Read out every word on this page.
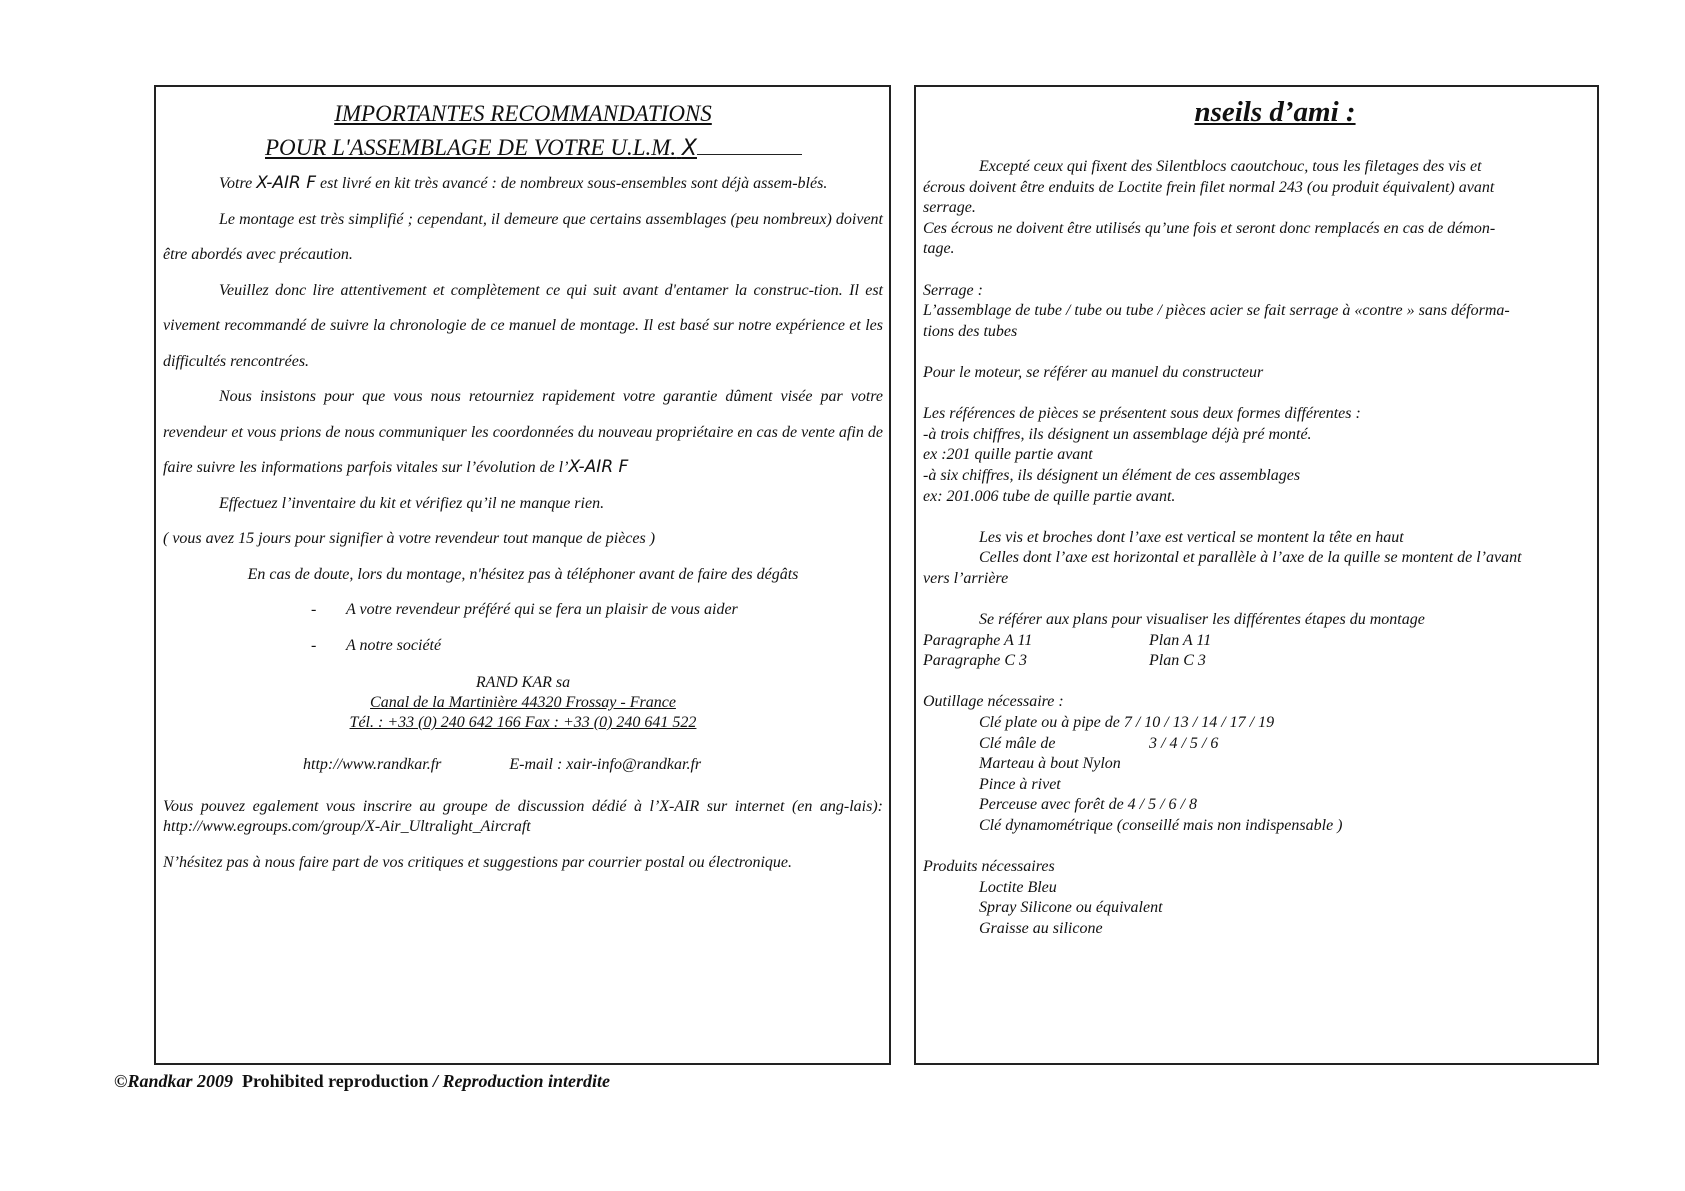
IMPORTANTES RECOMMANDATIONS
POUR L'ASSEMBLAGE DE VOTRE U.L.M. X

Votre X-AIR F est livré en kit très avancé : de nombreux sous-ensembles sont déjà assem-blés.

Le montage est très simplifié ; cependant, il demeure que certains assemblages (peu nombreux) doivent être abordés avec précaution.

Veuillez donc lire attentivement et complètement ce qui suit avant d'entamer la construc-tion. Il est vivement recommandé de suivre la chronologie de ce manuel de montage. Il est basé sur notre expérience et les difficultés rencontrées.

Nous insistons pour que vous nous retourniez rapidement votre garantie dûment visée par votre revendeur et vous prions de nous communiquer les coordonnées du nouveau propriétaire en cas de vente afin de faire suivre les informations parfois vitales sur l’évolution de l’X-AIR F

Effectuez l’inventaire du kit et vérifiez qu’il ne manque rien.

( vous avez 15 jours pour signifier à votre revendeur tout manque de pièces )

En cas de doute, lors du montage, n'hésitez pas à téléphoner avant de faire des dégâts

- A votre revendeur préféré qui se fera un plaisir de vous aider
- A notre société
RAND KAR sa
Canal de la Martinière 44320 Frossay - France
Tél. : +33 (0) 240 642 166 Fax : +33 (0) 240 641 522
http://www.randkar.fr	E-mail : xair-info@randkar.fr

Vous pouvez egalement vous inscrire au groupe de discussion dédié à l’X-AIR sur internet (en ang-lais): http://www.egroups.com/group/X-Air_Ultralight_Aircraft

N’hésitez pas à nous faire part de vos critiques et suggestions par courrier postal ou électronique.

nseils d’ami :
Excepté ceux qui fixent des Silentblocs caoutchouc, tous les filetages des vis et
écrous doivent être enduits de Loctite frein filet normal 243 (ou produit équivalent) avant
serrage.
Ces écrous ne doivent être utilisés qu’une fois et seront donc remplacés en cas de démon-
tage.
Serrage :
L’assemblage de tube / tube ou tube / pièces acier se fait serrage à «contre » sans déforma-
tions des tubes
Pour le moteur, se référer au manuel du constructeur
Les références de pièces se présentent sous deux formes différentes :
-à trois chiffres, ils désignent un assemblage déjà pré monté.
ex :201 quille partie avant
-à six chiffres, ils désignent un élément de ces assemblages
ex: 201.006 tube de quille partie avant.
Les vis et broches dont l’axe est vertical se montent la tête en haut
Celles dont l’axe est horizontal et parallèle à l’axe de la quille se montent de l’avant
vers l’arrière
Se référer aux plans pour visualiser les différentes étapes du montage
Paragraphe A 11	Plan A 11
Paragraphe C 3	Plan C 3
Outillage nécessaire :
Clé plate ou à pipe de 7 / 10 / 13 / 14 / 17 / 19
Clé mâle de	3 / 4 / 5 / 6
Marteau à bout Nylon
Pince à rivet
Perceuse avec forêt de 4 / 5 / 6 / 8
Clé dynamométrique (conseillé mais non indispensable )
Produits nécessaires
Loctite Bleu
Spray Silicone ou équivalent
Graisse au silicone
©Randkar 2009 Prohibited reproduction / Reproduction interdite
